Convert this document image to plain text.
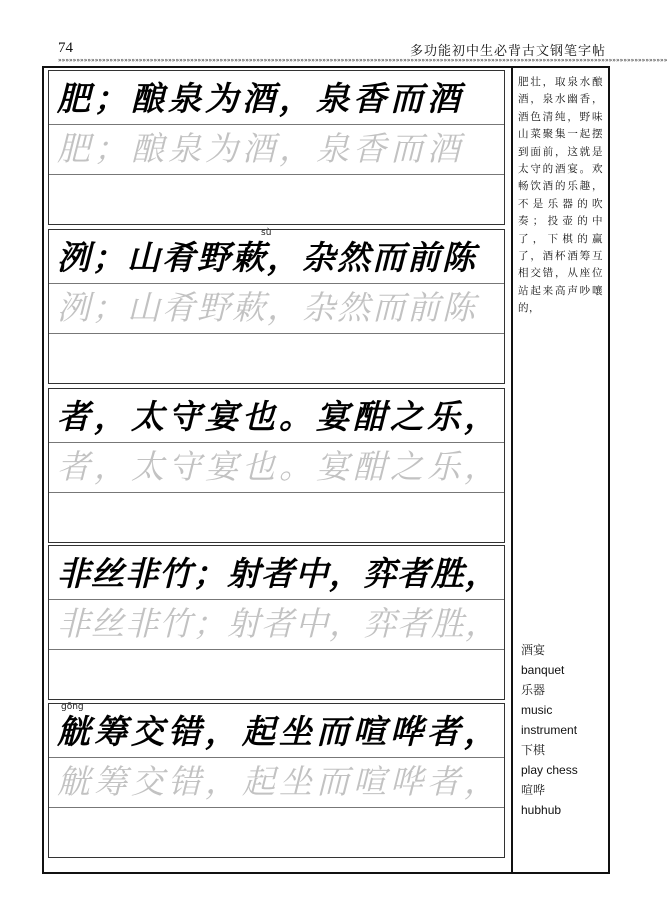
74	多功能初中生必背古文钢笔字帖
»»»»»»»»»»»»»»»»»»»»»»»»»»»»»»»»»»»»»»»»»»»»»»»»»»»»»»»»»»»»»»»»»»»»»»»»»»»»»»»»»»»»»»»»»»»»»»»»»»»»»»»»»»»»»»»»»»»»»»»»»»»»»»»»»»»»»»»»»»»»»»»»»»»»»»»»»»»»»»»»»»»»»»
肥；酿泉为酒，泉香而酒
肥；酿泉为酒，泉香而酒
sù
洌；山肴野蔌，杂然而前陈
洌；山肴野蔌，杂然而前陈
者，太守宴也。宴酣之乐，
者，太守宴也。宴酣之乐，
非丝非竹；射者中，弈者胜，
非丝非竹；射者中，弈者胜，
gōng
觥筹交错，起坐而喧哗者，
觥筹交错，起坐而喧哗者，
肥壮，取泉水酿酒，泉水幽香，酒色清纯，野味山菜聚集一起摆到面前，这就是太守的酒宴。欢畅饮酒的乐趣，不是乐器的吹奏；投壶的中了，下棋的赢了，酒杯酒筹互相交错，从座位站起来高声吵嚷的，
酒宴
banquet
乐器
music
instrument
下棋
play chess
喧哗
hubhub
